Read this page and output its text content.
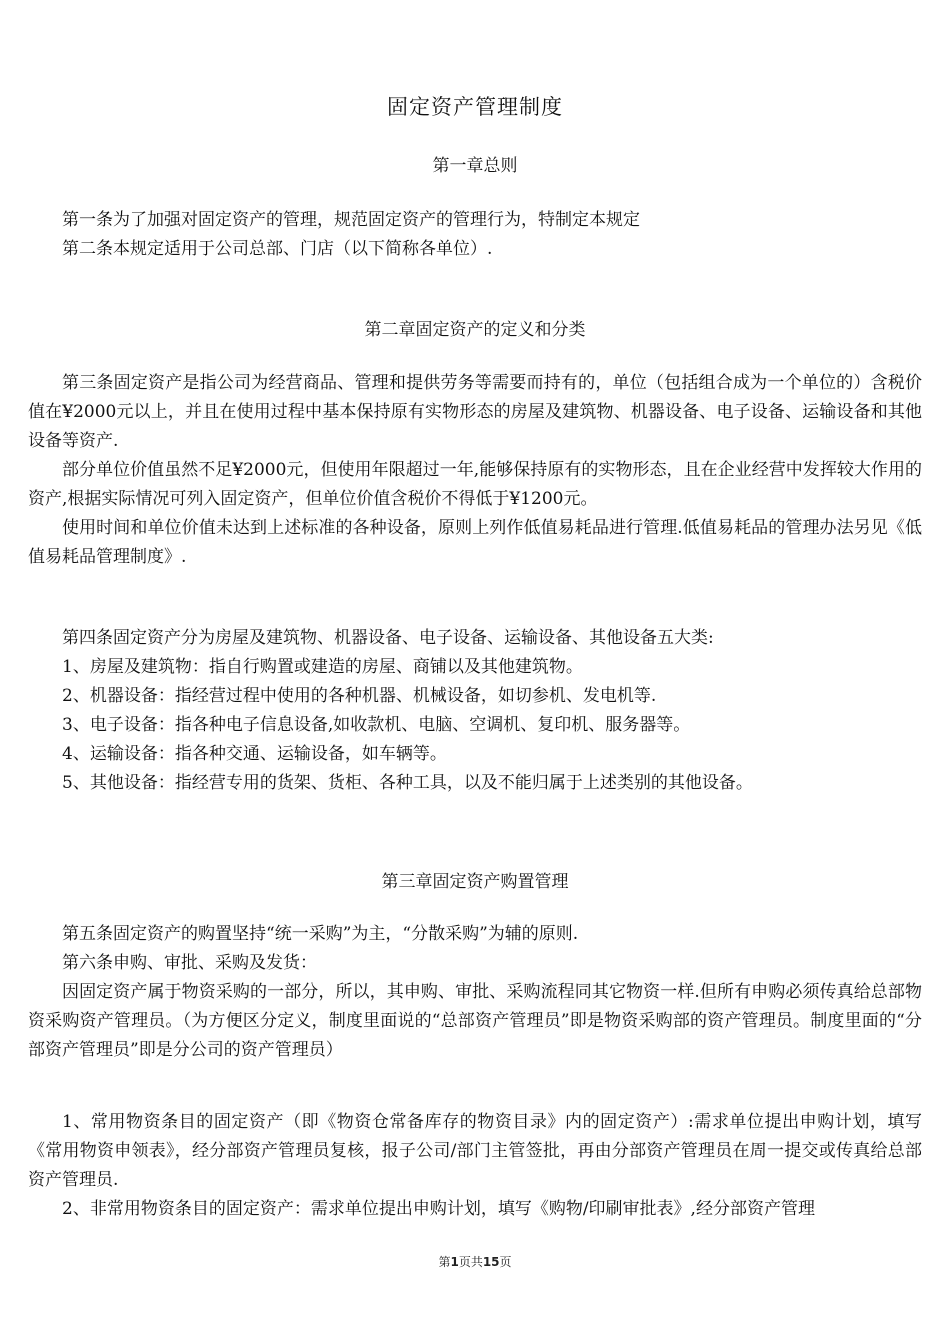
固定资产管理制度
第一章总则

第一条为了加强对固定资产的管理，规范固定资产的管理行为，特制定本规定

第二条本规定适用于公司总部、门店（以下简称各单位）.

第二章固定资产的定义和分类

第三条固定资产是指公司为经营商品、管理和提供劳务等需要而持有的，单位（包括组合成为一个单位的）含税价值在¥2000元以上，并且在使用过程中基本保持原有实物形态的房屋及建筑物、机器设备、电子设备、运输设备和其他设备等资产.

部分单位价值虽然不足¥2000元，但使用年限超过一年,能够保持原有的实物形态，且在企业经营中发挥较大作用的资产,根据实际情况可列入固定资产，但单位价值含税价不得低于¥1200元。

使用时间和单位价值未达到上述标准的各种设备，原则上列作低值易耗品进行管理.低值易耗品的管理办法另见《低值易耗品管理制度》.

第四条固定资产分为房屋及建筑物、机器设备、电子设备、运输设备、其他设备五大类:

1、房屋及建筑物：指自行购置或建造的房屋、商铺以及其他建筑物。

2、机器设备：指经营过程中使用的各种机器、机械设备，如切参机、发电机等.

3、电子设备：指各种电子信息设备,如收款机、电脑、空调机、复印机、服务器等。

4、运输设备：指各种交通、运输设备，如车辆等。

5、其他设备：指经营专用的货架、货柜、各种工具，以及不能归属于上述类别的其他设备。

第三章固定资产购置管理

第五条固定资产的购置坚持“统一采购”为主，“分散采购”为辅的原则.

第六条申购、审批、采购及发货：

因固定资产属于物资采购的一部分，所以，其申购、审批、采购流程同其它物资一样.但所有申购必须传真给总部物资采购资产管理员。（为方便区分定义，制度里面说的“总部资产管理员”即是物资采购部的资产管理员。制度里面的“分部资产管理员”即是分公司的资产管理员）

1、常用物资条目的固定资产（即《物资仓常备库存的物资目录》内的固定资产）:需求单位提出申购计划，填写《常用物资申领表》，经分部资产管理员复核，报子公司/部门主管签批，再由分部资产管理员在周一提交或传真给总部资产管理员.

2、非常用物资条目的固定资产：需求单位提出申购计划，填写《购物/印刷审批表》,经分部资产管理

第1页共15页
